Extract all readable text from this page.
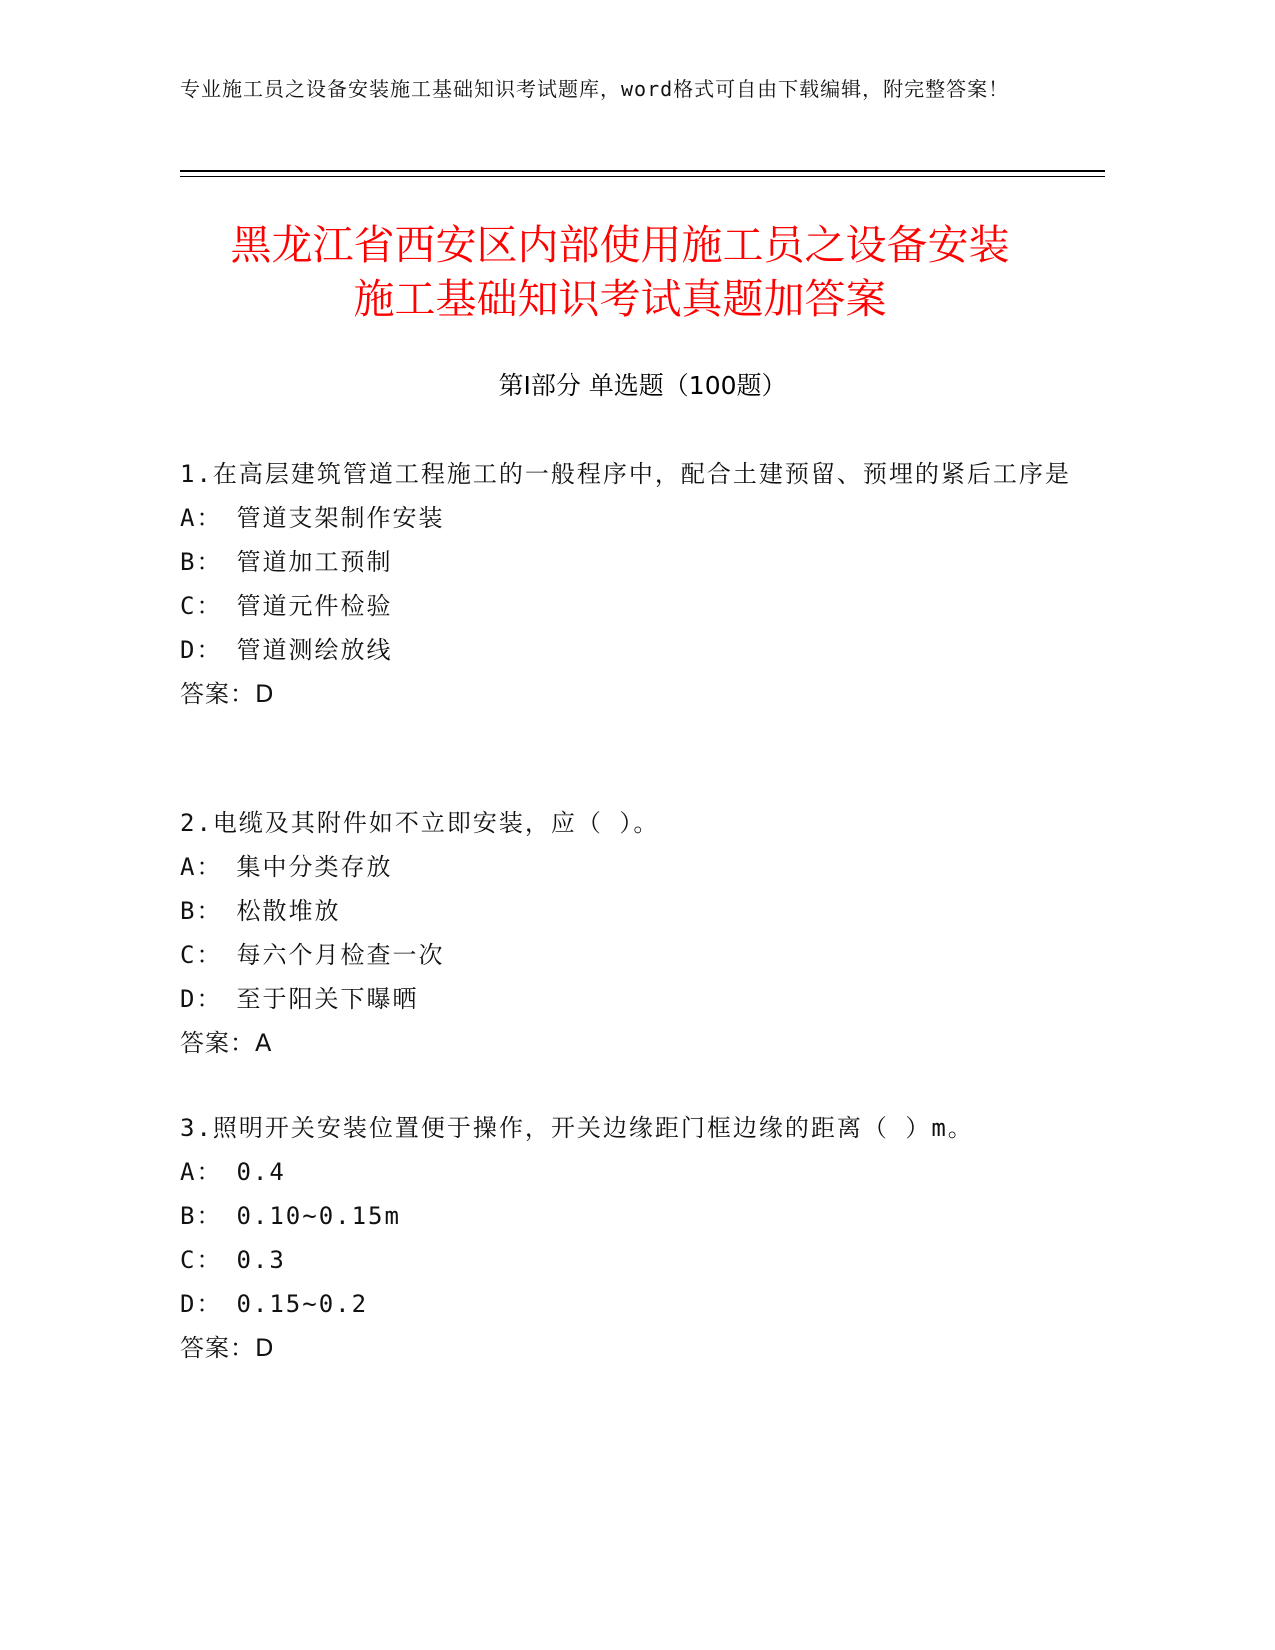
专业施工员之设备安装施工基础知识考试题库，word格式可自由下载编辑，附完整答案！
黑龙江省西安区内部使用施工员之设备安装
施工基础知识考试真题加答案
第Ⅰ部分 单选题（100题）
1.在高层建筑管道工程施工的一般程序中，配合土建预留、预埋的紧后工序是
A： 管道支架制作安装
B： 管道加工预制
C： 管道元件检验
D： 管道测绘放线
答案：D
2.电缆及其附件如不立即安装，应（ ）。
A： 集中分类存放
B： 松散堆放
C： 每六个月检查一次
D： 至于阳关下曝晒
答案：A
3.照明开关安装位置便于操作，开关边缘距门框边缘的距离（ ）m。
A： 0.4
B： 0.10~0.15m
C： 0.3
D： 0.15~0.2
答案：D
